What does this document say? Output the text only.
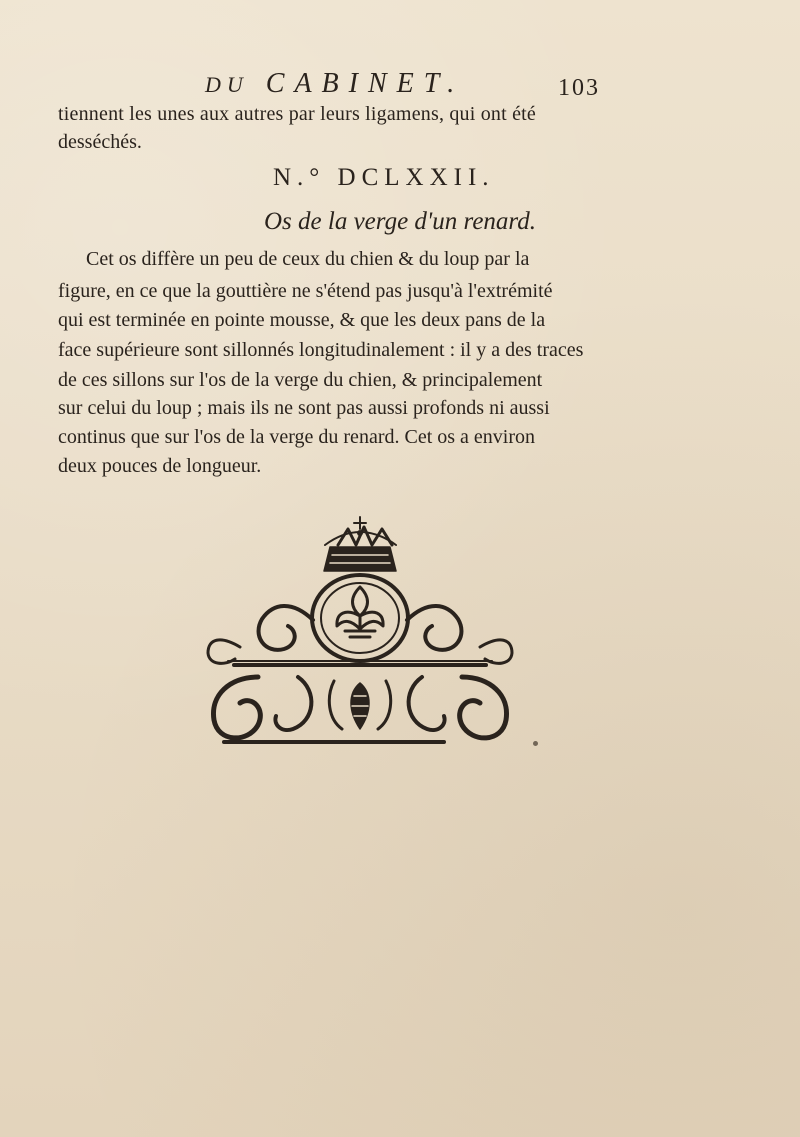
DU CABINET.	103
tiennent les unes aux autres par leurs ligamens, qui ont été
desséchés.
N.° DCLXXII.
Os de la verge d'un renard.
Cet os diffère un peu de ceux du chien & du loup par la
figure, en ce que la gouttière ne s'étend pas jusqu'à l'extrémité
qui est terminée en pointe mousse, & que les deux pans de la
face supérieure sont sillonnés longitudinalement : il y a des traces
de ces sillons sur l'os de la verge du chien, & principalement
sur celui du loup ; mais ils ne sont pas aussi profonds ni aussi
continus que sur l'os de la verge du renard. Cet os a environ
deux pouces de longueur.
